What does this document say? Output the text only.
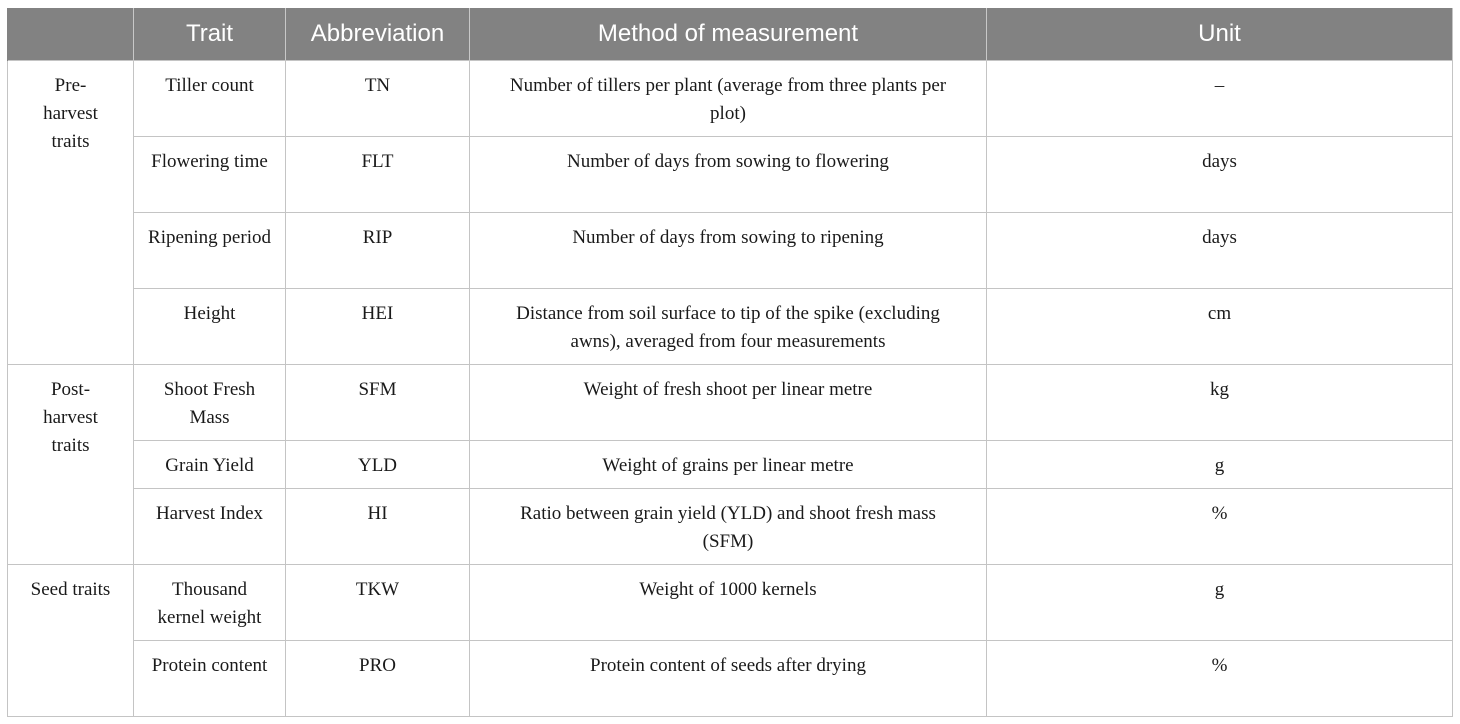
	Trait	Abbreviation	Method of measurement	Unit
Pre-harvest traits	Tiller count	TN	Number of tillers per plant (average from three plants per plot)	–
	Flowering time	FLT	Number of days from sowing to flowering	days
	Ripening period	RIP	Number of days from sowing to ripening	days
	Height	HEI	Distance from soil surface to tip of the spike (excluding awns), averaged from four measurements	cm
Post-harvest traits	Shoot Fresh Mass	SFM	Weight of fresh shoot per linear metre	kg
	Grain Yield	YLD	Weight of grains per linear metre	g
	Harvest Index	HI	Ratio between grain yield (YLD) and shoot fresh mass (SFM)	%
Seed traits	Thousand kernel weight	TKW	Weight of 1000 kernels	g
	Protein content	PRO	Protein content of seeds after drying	%
